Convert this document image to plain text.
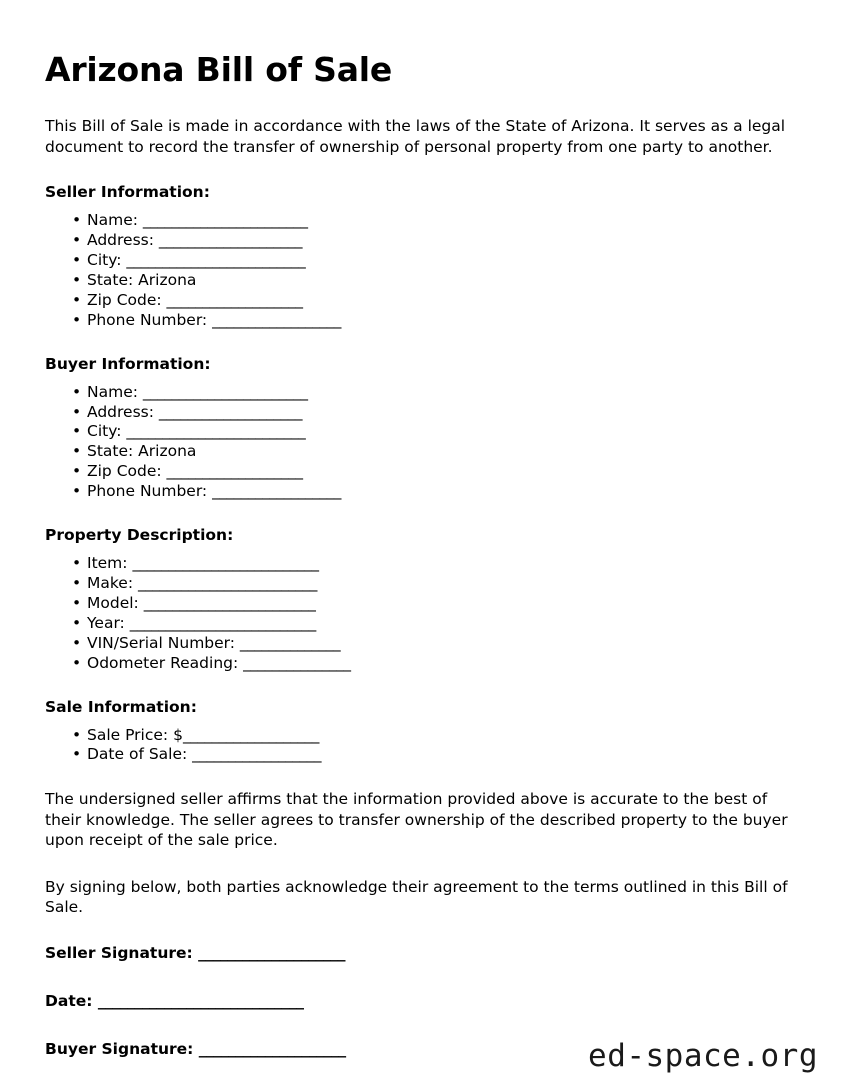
Arizona Bill of Sale

This Bill of Sale is made in accordance with the laws of the State of Arizona. It serves as a legal document to record the transfer of ownership of personal property from one party to another.

Seller Information:
• Name: _______________________
• Address: ____________________
• City: _________________________
• State: Arizona
• Zip Code: ___________________
• Phone Number: __________________
Buyer Information:
• Name: _______________________
• Address: ____________________
• City: _________________________
• State: Arizona
• Zip Code: ___________________
• Phone Number: __________________
Property Description:
• Item: __________________________
• Make: _________________________
• Model: ________________________
• Year: __________________________
• VIN/Serial Number: ______________
• Odometer Reading: _______________
Sale Information:
• Sale Price: $___________________
• Date of Sale: __________________

The undersigned seller affirms that the information provided above is accurate to the best of their knowledge. The seller agrees to transfer ownership of the described property to the buyer upon receipt of the sale price.

By signing below, both parties acknowledge their agreement to the terms outlined in this Bill of Sale.

Seller Signature: ____________________
Date: ____________________________
Buyer Signature: ____________________	ed-space.org
